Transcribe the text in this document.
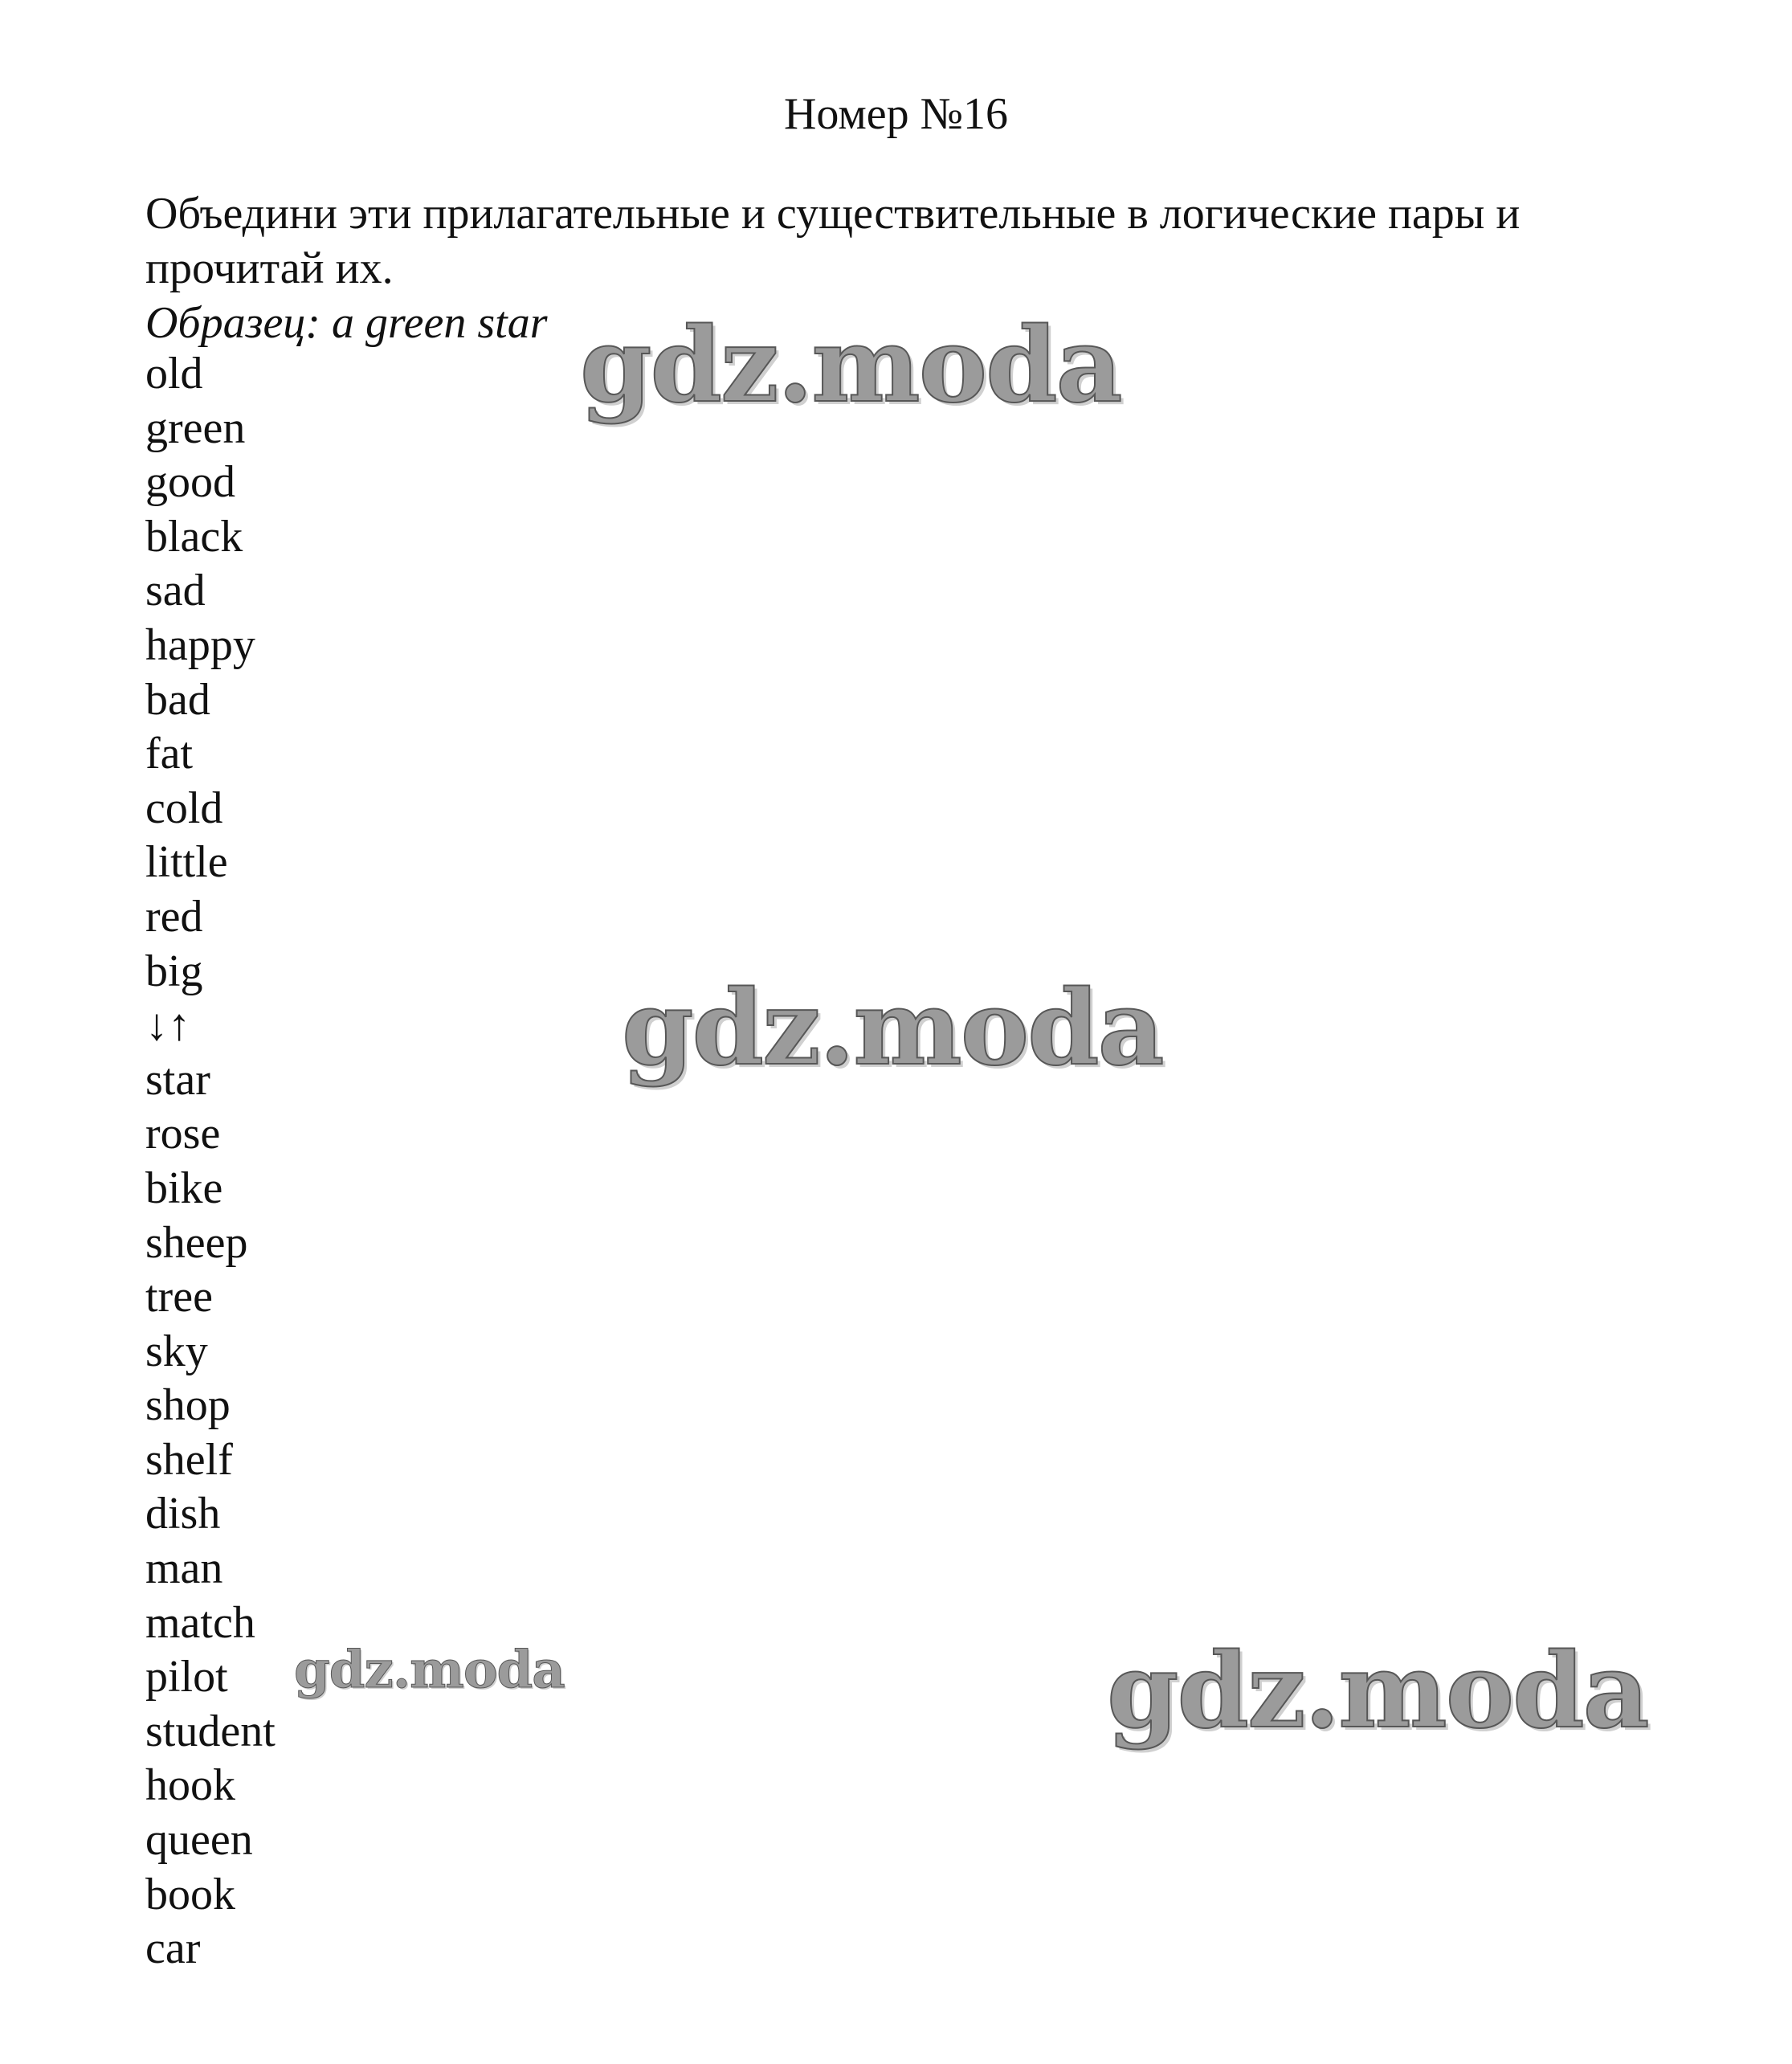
Номер №16
Объедини эти прилагательные и существительные в логические пары и прочитай их.
Образец: a green star
old
green
good
black
sad
happy
bad
fat
cold
little
red
big
↓↑
star
rose
bike
sheep
tree
sky
shop
shelf
dish
man
match
pilot
student
hook
queen
book
car
gdz.moda
gdz.moda
gdz.moda
gdz.moda
